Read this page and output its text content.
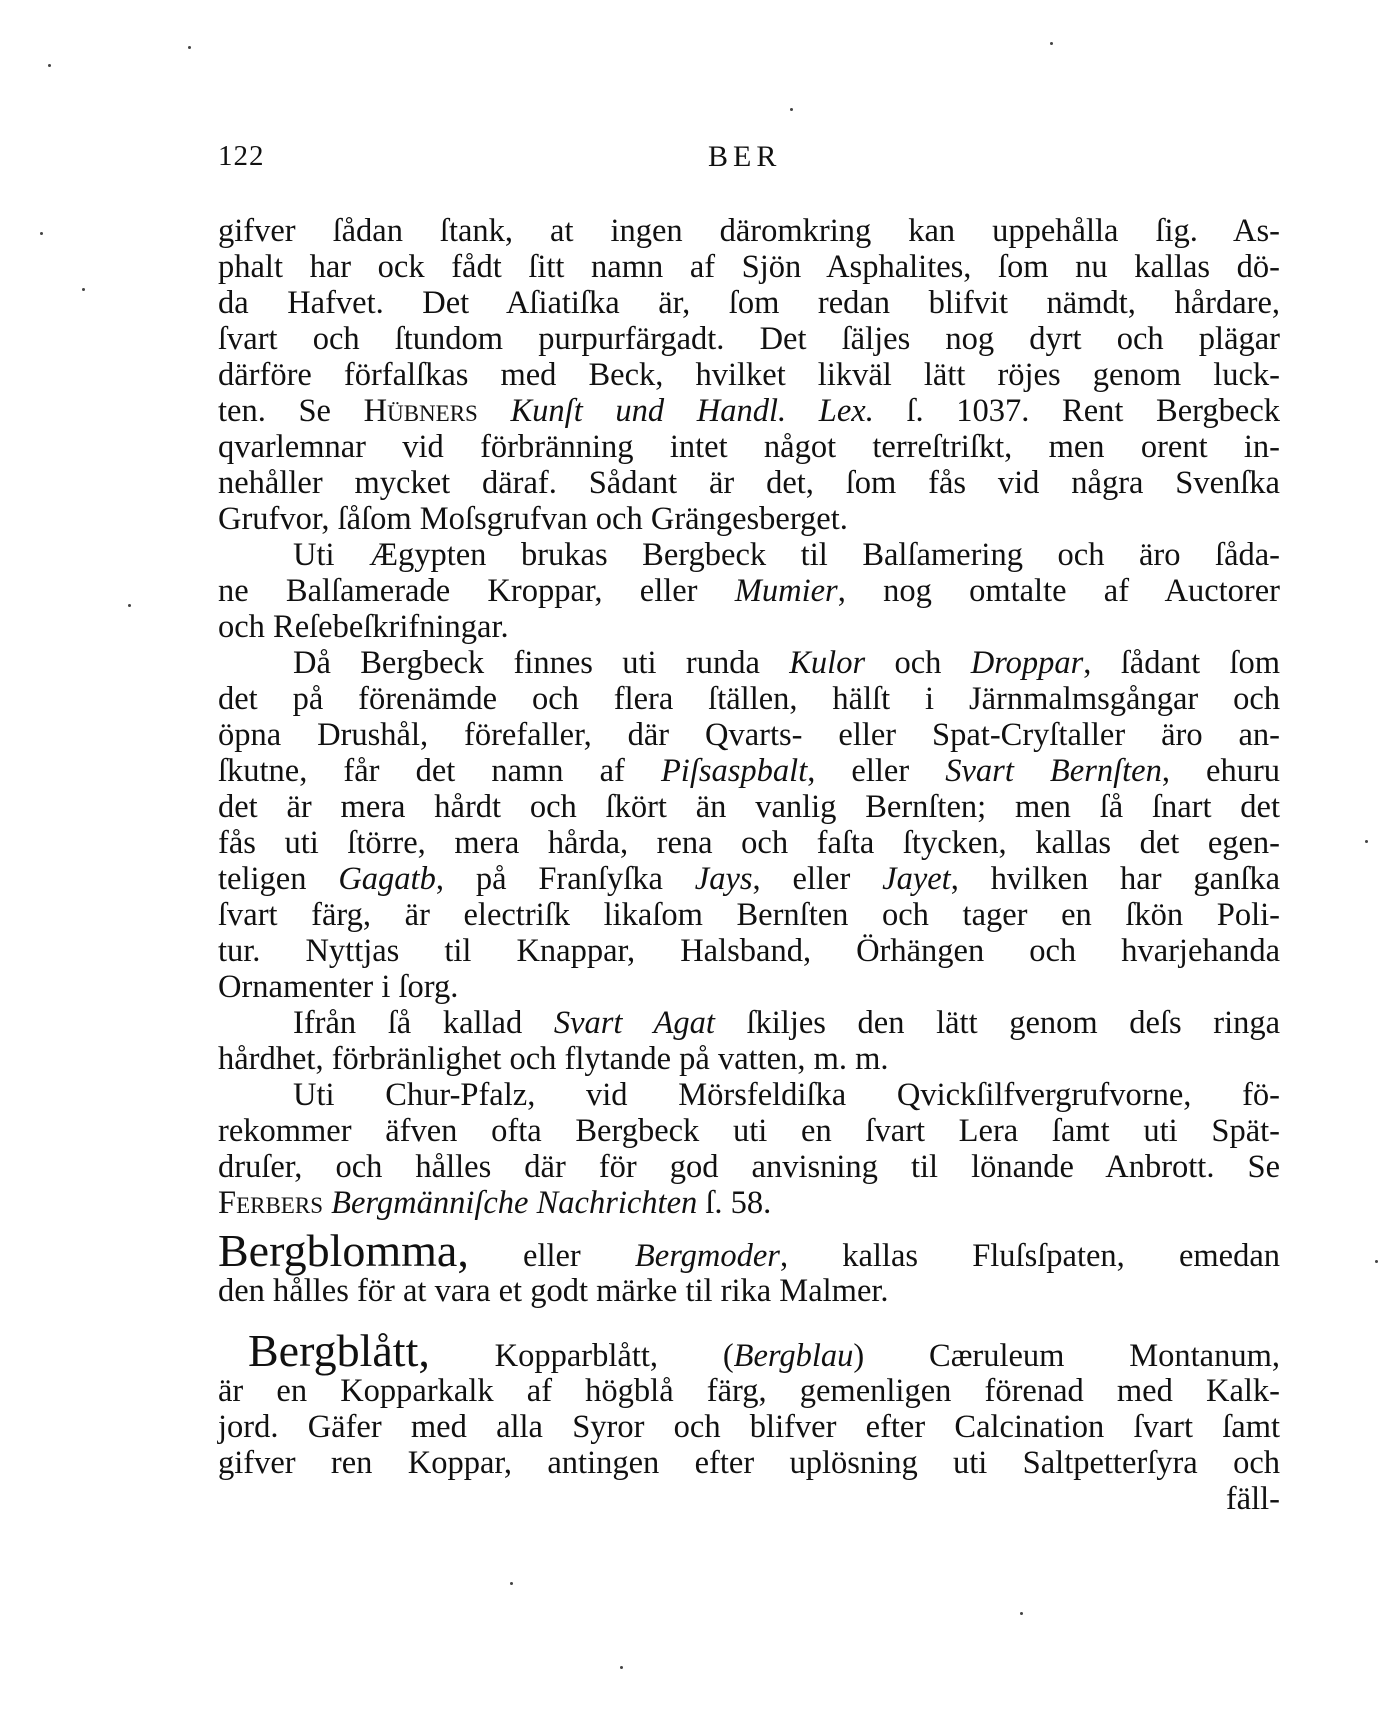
122	BER
gifver ſådan ſtank, at ingen däromkring kan uppehålla ſig. As-
phalt har ock fådt ſitt namn af Sjön Asphalites, ſom nu kallas dö-
da Hafvet. Det Aſiatiſka är, ſom redan blifvit nämdt, hårdare,
ſvart och ſtundom purpurfärgadt. Det ſäljes nog dyrt och plägar
därföre förfalſkas med Beck, hvilket likväl lätt röjes genom luck-
ten. Se Hübners Kunſt und Handl. Lex. ſ. 1037. Rent Bergbeck
qvarlemnar vid förbränning intet något terreſtriſkt, men orent in-
nehåller mycket däraf. Sådant är det, ſom fås vid några Svenſka
Grufvor, ſåſom Moſsgrufvan och Grängesberget.
Uti Ægypten brukas Bergbeck til Balſamering och äro ſåda-
ne Balſamerade Kroppar, eller Mumier, nog omtalte af Auctorer
och Reſebeſkrifningar.
Då Bergbeck finnes uti runda Kulor och Droppar, ſådant ſom
det på förenämde och flera ſtällen, hälſt i Järnmalmsgångar och
öpna Drushål, förefaller, där Qvarts- eller Spat-Cryſtaller äro an-
ſkutne, får det namn af Piſsaspbalt, eller Svart Bernſten, ehuru
det är mera hårdt och ſkört än vanlig Bernſten; men ſå ſnart det
fås uti ſtörre, mera hårda, rena och faſta ſtycken, kallas det egen-
teligen Gagatb, på Franſyſka Jays, eller Jayet, hvilken har ganſka
ſvart färg, är electriſk likaſom Bernſten och tager en ſkön Poli-
tur. Nyttjas til Knappar, Halsband, Örhängen och hvarjehanda
Ornamenter i ſorg.
Ifrån ſå kallad Svart Agat ſkiljes den lätt genom deſs ringa
hårdhet, förbränlighet och flytande på vatten, m. m.
Uti Chur-Pfalz, vid Mörsfeldiſka Qvickſilfvergrufvorne, fö-
rekommer äfven ofta Bergbeck uti en ſvart Lera ſamt uti Spät-
druſer, och hålles där för god anvisning til lönande Anbrott. Se
Ferbers Bergmänniſche Nachrichten ſ. 58.
Bergblomma, eller Bergmoder, kallas Fluſsſpaten, emedan
den hålles för at vara et godt märke til rika Malmer.
Bergblått, Kopparblått, (Bergblau) Cæruleum Montanum,
är en Kopparkalk af högblå färg, gemenligen förenad med Kalk-
jord. Gäfer med alla Syror och blifver efter Calcination ſvart ſamt
gifver ren Koppar, antingen efter uplösning uti Saltpetterſyra och
fäll-
